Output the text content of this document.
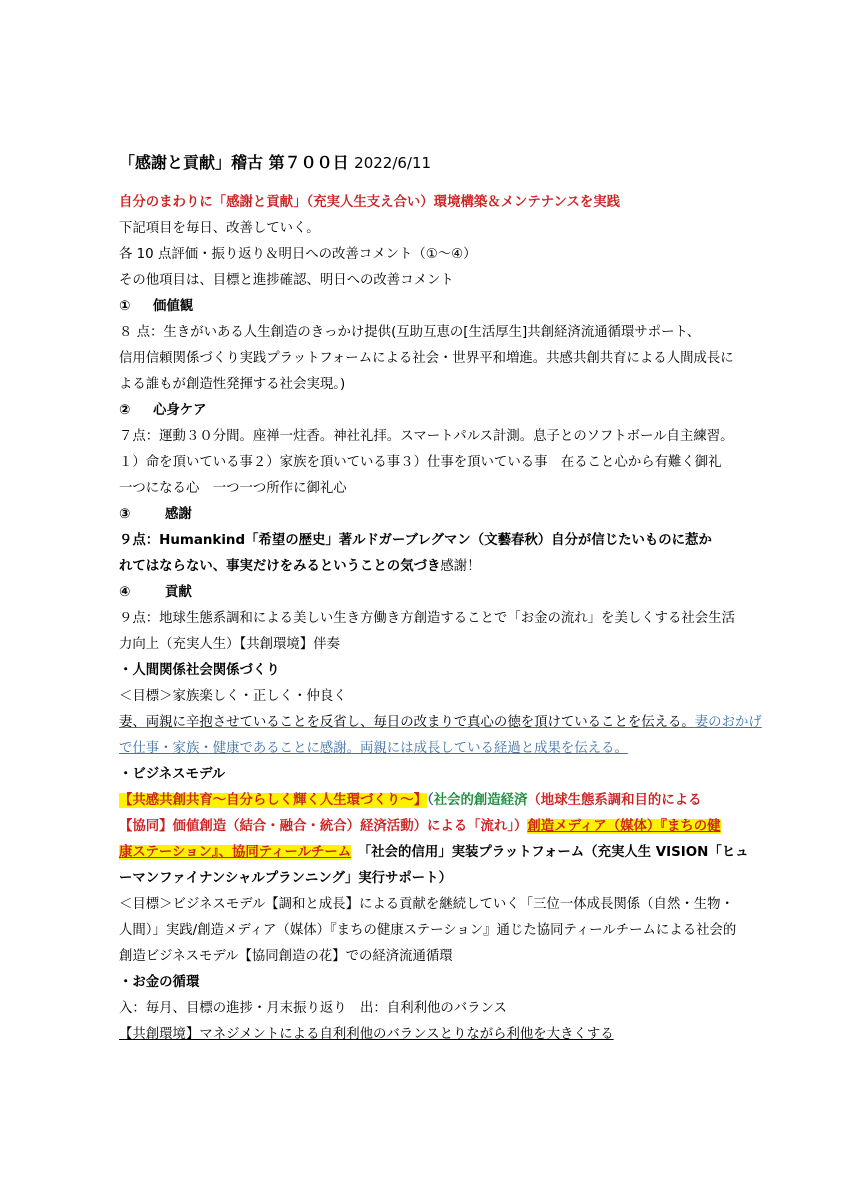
「感謝と貢献」稽古 第７００日 2022/6/11
自分のまわりに「感謝と貢献」（充実人生支え合い）環境構築＆メンテナンスを実践
下記項目を毎日、改善していく。
各 10 点評価・振り返り＆明日への改善コメント（①～④）
その他項目は、目標と進捗確認、明日への改善コメント
① 価値観
８ 点：生きがいある人生創造のきっかけ提供(互助互恵の[生活厚生]共創経済流通循環サポート、
信用信頼関係づくり実践プラットフォームによる社会・世界平和増進。共感共創共育による人間成長に
よる誰もが創造性発揮する社会実現。)
② 心身ケア
７点：運動３０分間。座禅一炷香。神社礼拝。スマートパルス計測。息子とのソフトボール自主練習。
１）命を頂いている事２）家族を頂いている事３）仕事を頂いている事　在ること心から有難く御礼
一つになる心　一つ一つ所作に御礼心
③	感謝
９点：Humankind「希望の歴史」著ルドガーブレグマン（文藝春秋）自分が信じたいものに惹か
れてはならない、事実だけをみるということの気づき感謝！
④	貢献
９点：地球生態系調和による美しい生き方働き方創造することで「お金の流れ」を美しくする社会生活
力向上（充実人生）【共創環境】伴奏
・人間関係社会関係づくり
＜目標＞家族楽しく・正しく・仲良く
妻、両親に辛抱させていることを反省し、毎日の改まりで真心の徳を頂けていることを伝える。妻のおかげ
で仕事・家族・健康であることに感謝。両親には成長している経過と成果を伝える。
・ビジネスモデル
【共感共創共育～自分らしく輝く人生環づくり～】（社会的創造経済（地球生態系調和目的による
【協同】価値創造（結合・融合・統合）経済活動）による「流れ」）創造メディア（媒体）『まちの健
康ステーション』、協同ティールチーム　 「社会的信用」実装プラットフォーム（充実人生 VISION「ヒュ
ーマンファイナンシャルプランニング」実行サポート）
＜目標＞ビジネスモデル【調和と成長】による貢献を継続していく「三位一体成長関係（自然・生物・
人間）」実践/創造メディア（媒体）『まちの健康ステーション』通じた協同ティールチームによる社会的
創造ビジネスモデル【協同創造の花】での経済流通循環
・お金の循環
入：毎月、目標の進捗・月末振り返り　出：自利利他のバランス
【共創環境】マネジメントによる自利利他のバランスとりながら利他を大きくする
